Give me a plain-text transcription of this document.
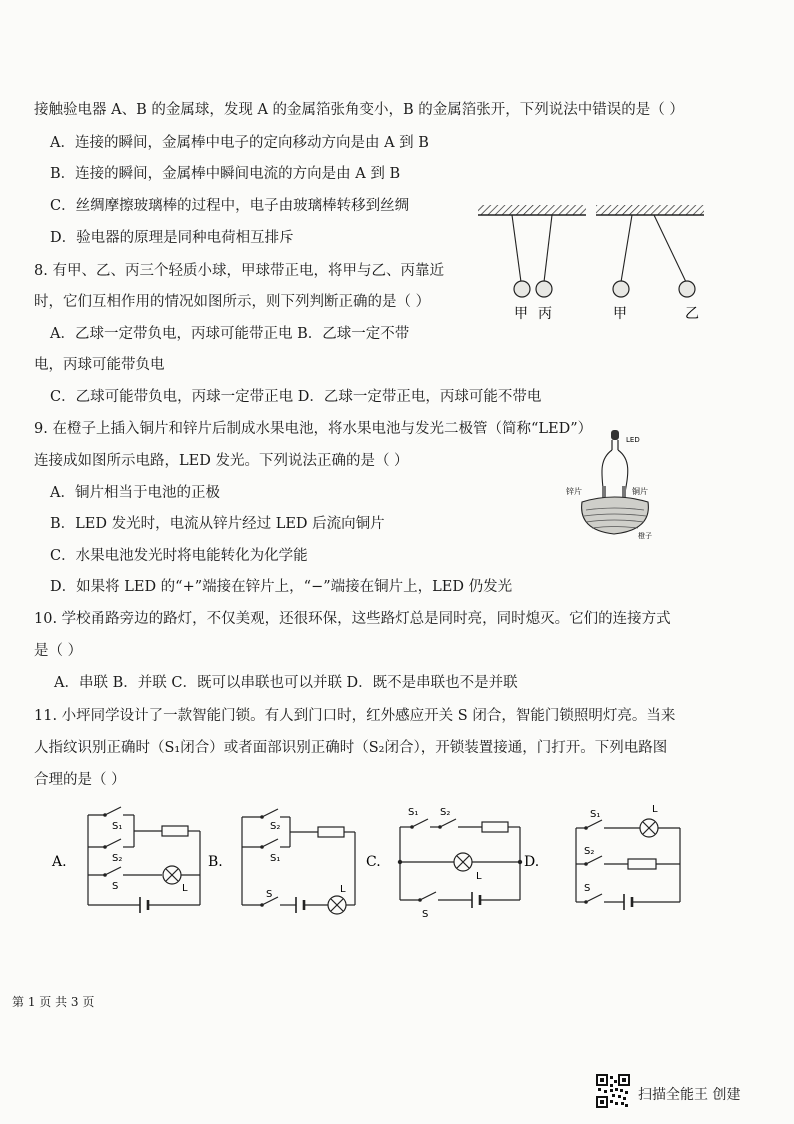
接触验电器 A、B 的金属球，发现 A 的金属箔张角变小，B 的金属箔张开，下列说法中错误的是（ ）
A．连接的瞬间，金属棒中电子的定向移动方向是由 A 到 B
B．连接的瞬间，金属棒中瞬间电流的方向是由 A 到 B
C．丝绸摩擦玻璃棒的过程中，电子由玻璃棒转移到丝绸
D．验电器的原理是同种电荷相互排斥
8. 有甲、乙、丙三个轻质小球，甲球带正电，将甲与乙、丙靠近
时，它们互相作用的情况如图所示，则下列判断正确的是（ ）
A．乙球一定带负电，丙球可能带正电 B．乙球一定不带
电，丙球可能带负电
C．乙球可能带负电，丙球一定带正电 D．乙球一定带正电，丙球可能不带电
甲 丙	甲	乙
9. 在橙子上插入铜片和锌片后制成水果电池，将水果电池与发光二极管（简称“LED”）
连接成如图所示电路，LED 发光。下列说法正确的是（ ）
A．铜片相当于电池的正极
B．LED 发光时，电流从锌片经过 LED 后流向铜片
C．水果电池发光时将电能转化为化学能
D．如果将 LED 的“+”端接在锌片上，“−”端接在铜片上，LED 仍发光
LED
锌片	铜片
橙子
10. 学校甬路旁边的路灯，不仅美观，还很环保，这些路灯总是同时亮，同时熄灭。它们的连接方式
是（ ）
A．串联 B．并联 C．既可以串联也可以并联 D．既不是串联也不是并联
11. 小坪同学设计了一款智能门锁。有人到门口时，红外感应开关 S 闭合，智能门锁照明灯亮。当来
人指纹识别正确时（S₁闭合）或者面部识别正确时（S₂闭合），开锁装置接通，门打开。下列电路图
合理的是（ ）
S₁
S₂
S	L
A.	B.
S₂
S₁
S	L
C.
S₁ S₂
S
L
D.
S₁
S₂
S
L
第 1 页 共 3 页
扫描全能王 创建
